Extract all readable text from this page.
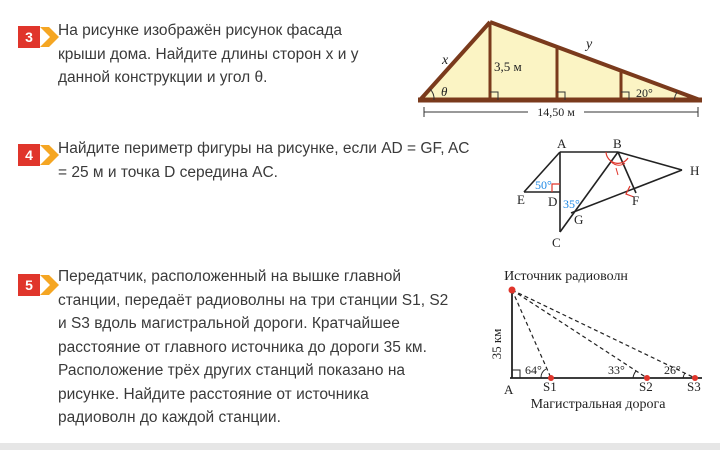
3	На рисунке изображён рисунок фасада
крыши дома. Найдите длины сторон x и y
данной конструкции и угол θ.
x
y
3,5 м
θ	20°
14,50 м
4	Найдите периметр фигуры на рисунке, если AD = GF, AC
= 25 м и точка D середина AC.
A	B
H
E D	F
G
C
50°
35°
5	Передатчик, расположенный на вышке главной
станции, передаёт радиоволны на три станции S1, S2
и S3 вдоль магистральной дороги. Кратчайшее
расстояние от главного источника до дороги 35 км.
Расположение трёх других станций показано на
рисунке. Найдите расстояние от источника
радиоволн до каждой станции.
Источник радиоволн
35 км
A S1	S2	S3
64°	33°	26°
Магистральная дорога
